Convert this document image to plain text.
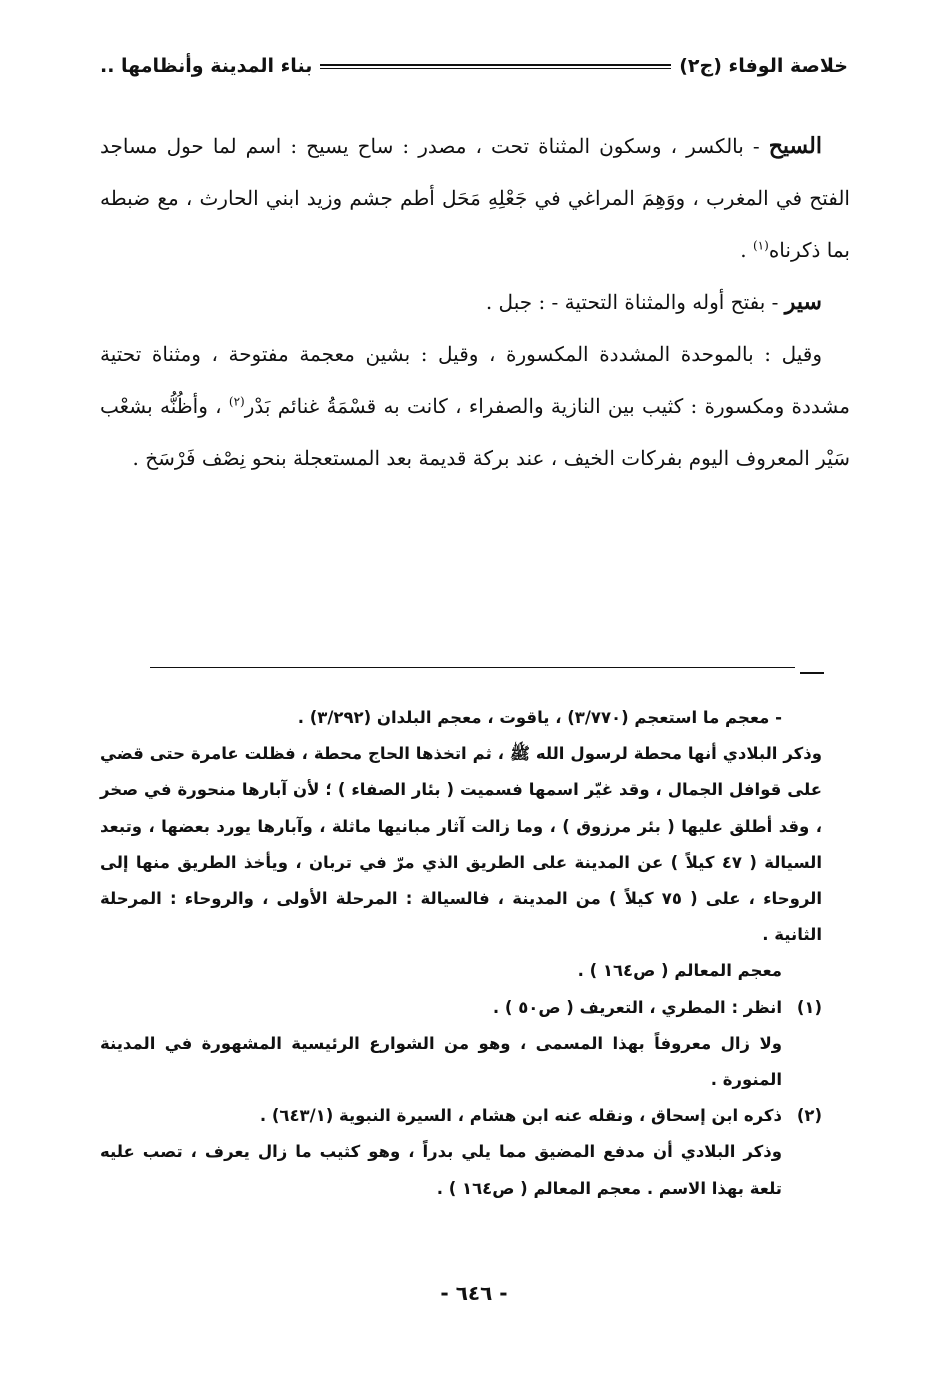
خلاصة الوفاء (ج٢)
بناء المدينة وأنظامها ..

السيح - بالكسر ، وسكون المثناة تحت ، مصدر : ساح يسيح : اسم لما حول مساجد الفتح في المغرب ، ووَهِمَ المراغي في جَعْلِهِ مَحَل أطم جشم وزيد ابني الحارث ، مع ضبطه بما ذكرناه$^{(١)}$ .

سير - بفتح أوله والمثناة التحتية - : جبل .

وقيل : بالموحدة المشددة المكسورة ، وقيل : بشين معجمة مفتوحة ، ومثناة تحتية مشددة ومكسورة : كثيب بين النازية والصفراء ، كانت به قسْمَةُ غنائم بَدْر$^{(٢)}$ ، وأظُنُّه بشعْب سَيْر المعروف اليوم بفركات الخيف ، عند بركة قديمة بعد المستعجلة بنحو نِصْف فَرْسَخ .

- معجم ما استعجم (٣/٧٧٠) ، ياقوت ، معجم البلدان (٣/٢٩٢) .

وذكر البلادي أنها محطة لرسول الله ﷺ ، ثم اتخذها الحاج محطة ، فظلت عامرة حتى قضي على قوافل الجمال ، وقد غيّر اسمها فسميت ( بئار الصفاء ) ؛ لأن آبارها منحورة في صخر ، وقد أطلق عليها ( بئر مرزوق ) ، وما زالت آثار مبانيها ماثلة ، وآبارها يورد بعضها ، وتبعد السيالة ( ٤٧ كيلاً ) عن المدينة على الطريق الذي مرّ في تربان ، ويأخذ الطريق منها إلى الروحاء ، على ( ٧٥ كيلاً ) من المدينة ، فالسيالة : المرحلة الأولى ، والروحاء : المرحلة الثانية .

معجم المعالم ( ص١٦٤ ) .

(١)انظر : المطري ، التعريف ( ص٥٠ ) .

ولا زال معروفاً بهذا المسمى ، وهو من الشوارع الرئيسية المشهورة في المدينة المنورة .

(٢)ذكره ابن إسحاق ، ونقله عنه ابن هشام ، السيرة النبوية (٦٤٣/١) .

وذكر البلادي أن مدفع المضيق مما يلي بدراً ، وهو كثيب ما زال يعرف ، تصب عليه تلعة بهذا الاسم . معجم المعالم ( ص١٦٤ ) .

- ٦٤٦ -
